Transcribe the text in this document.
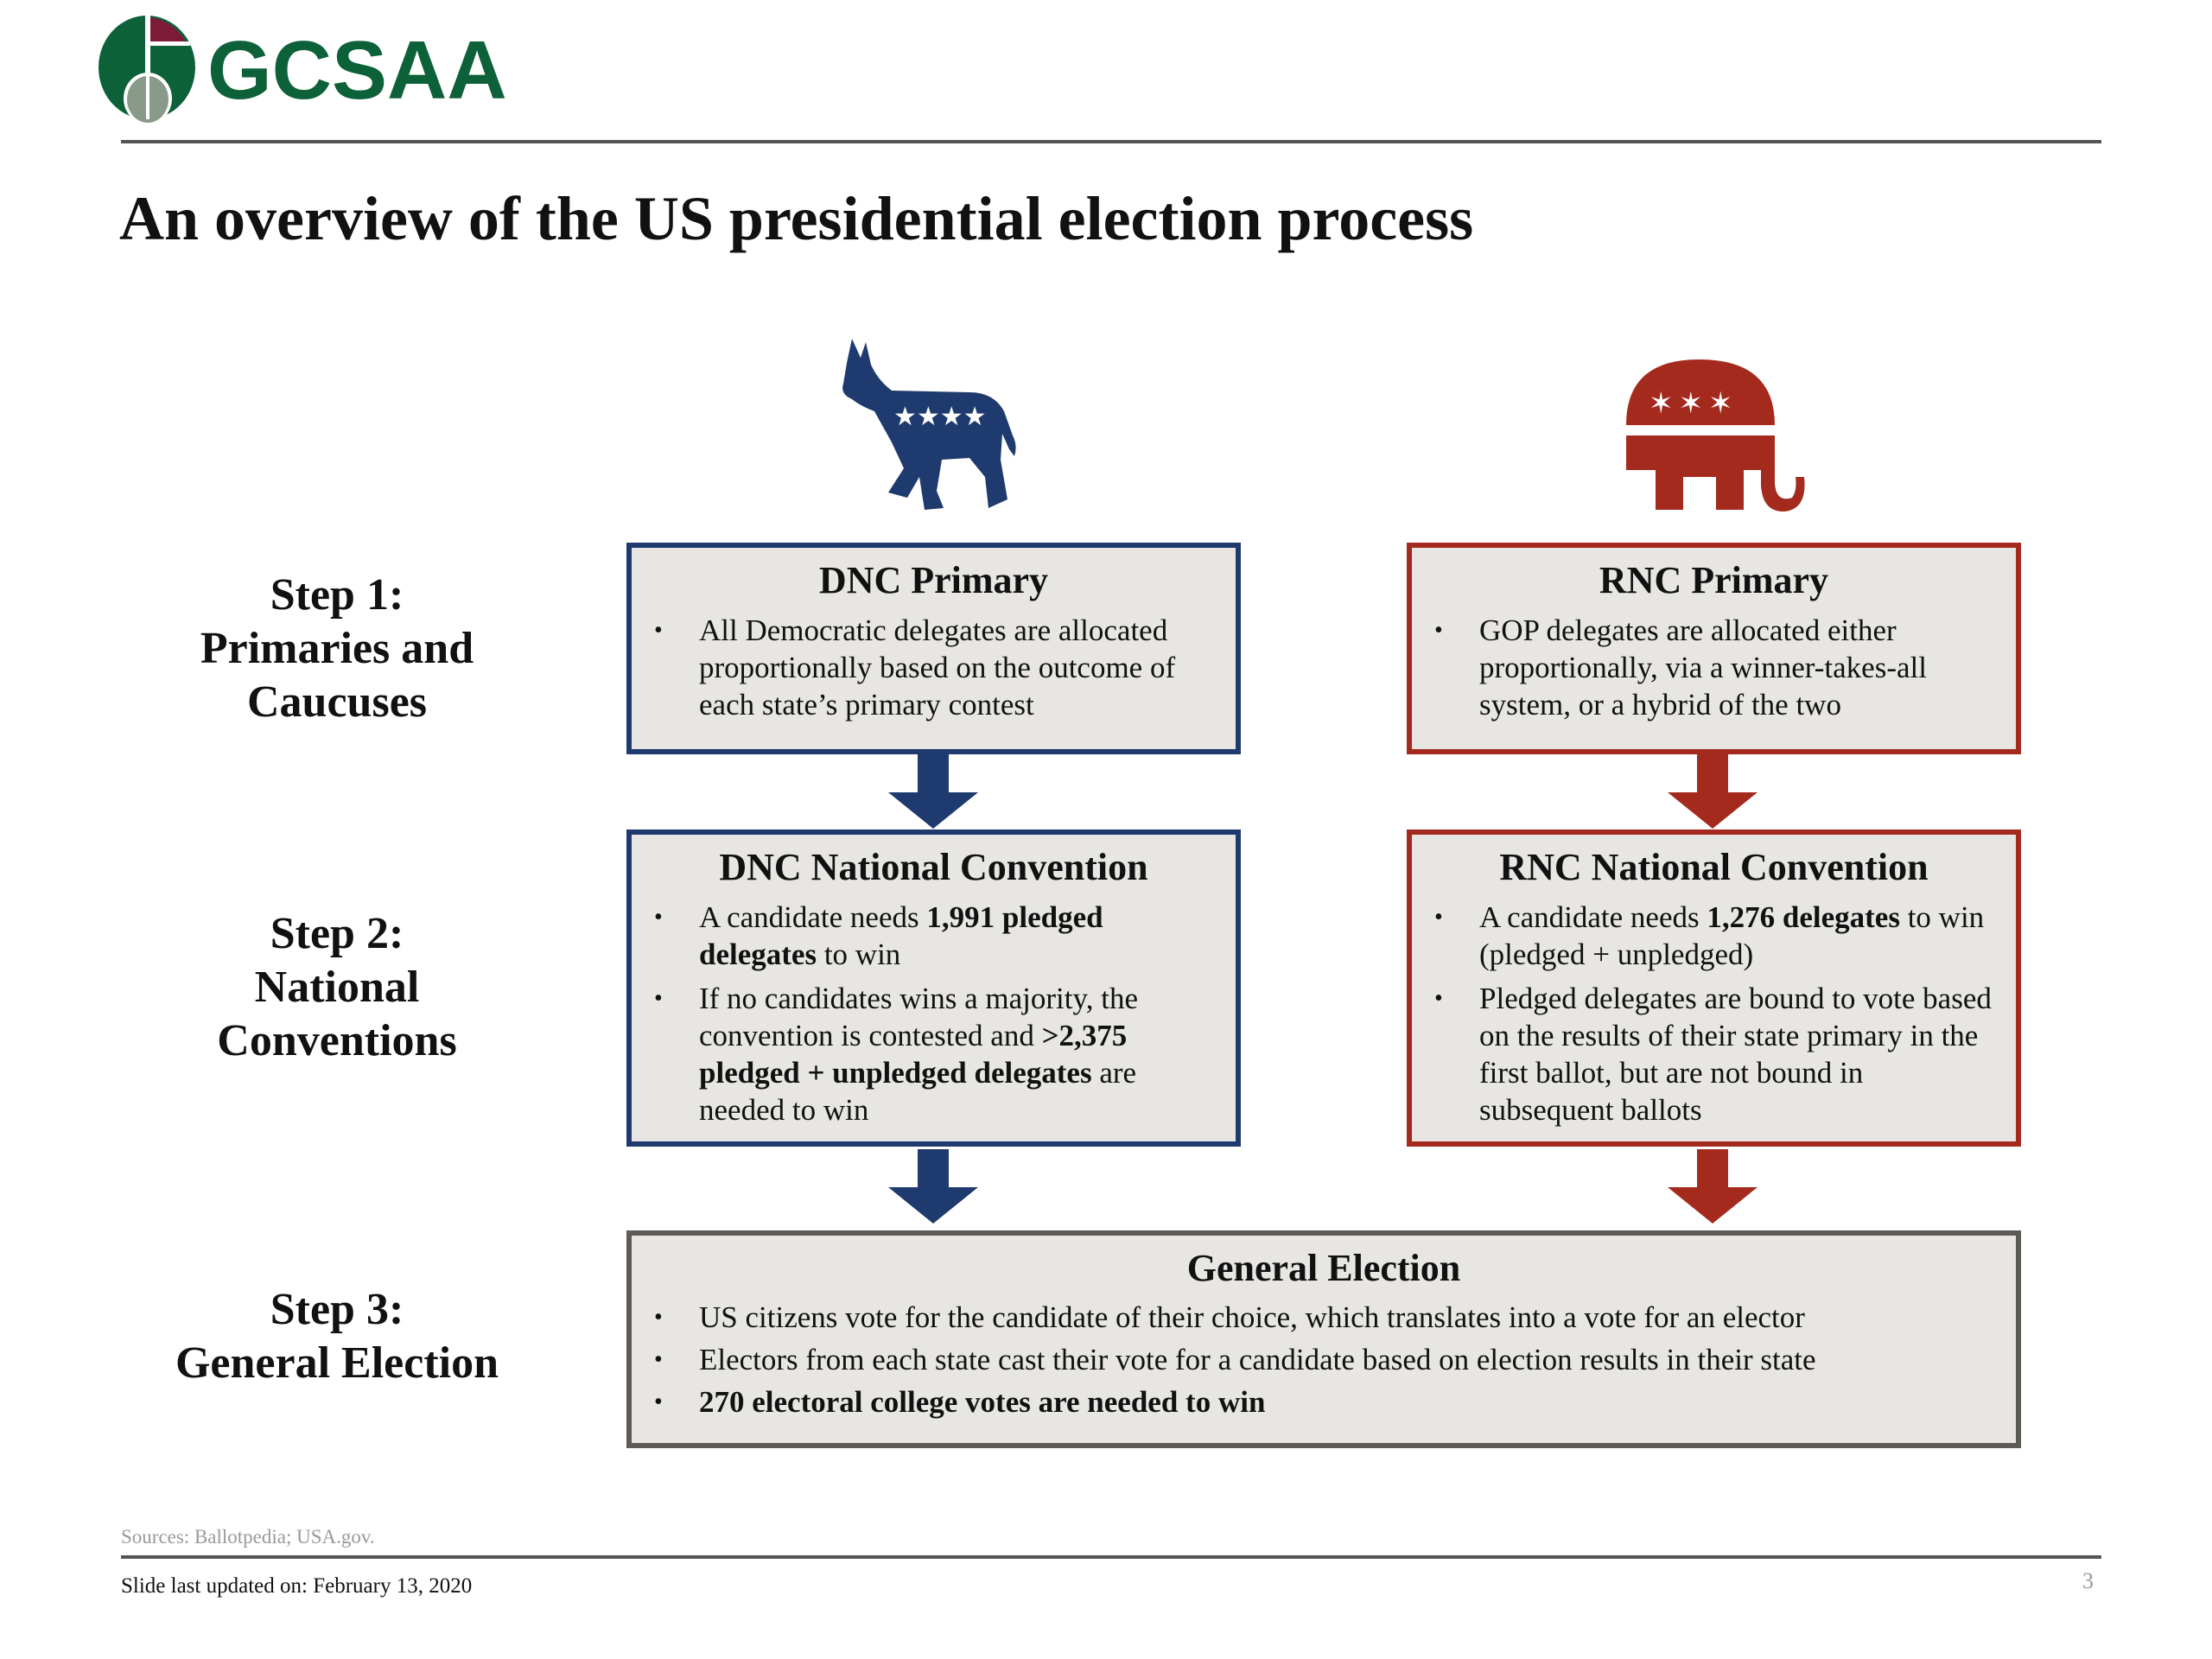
GCSAA
An overview of the US presidential election process
★★★★	✶✶✶
Step 1:
Primaries and
Caucuses
Step 2:
National
Conventions
Step 3:
General Election
DNC Primary
• All Democratic delegates are allocated proportionally based on the outcome of each state’s primary contest
RNC Primary
• GOP delegates are allocated either proportionally, via a winner-takes-all system, or a hybrid of the two
DNC National Convention
• A candidate needs 1,991 pledged delegates to win
• If no candidates wins a majority, the convention is contested and >2,375 pledged + unpledged delegates are needed to win
RNC National Convention
• A candidate needs 1,276 delegates to win (pledged + unpledged)
• Pledged delegates are bound to vote based on the results of their state primary in the first ballot, but are not bound in subsequent ballots
General Election
• US citizens vote for the candidate of their choice, which translates into a vote for an elector
• Electors from each state cast their vote for a candidate based on election results in their state
• 270 electoral college votes are needed to win
Sources: Ballotpedia; USA.gov.
Slide last updated on: February 13, 2020	3
